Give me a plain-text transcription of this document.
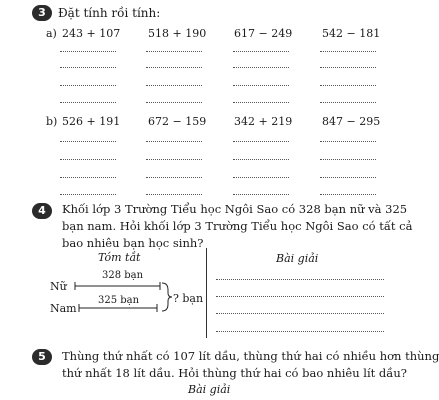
3	Đặt tính rồi tính:
a) 243 + 107	518 + 190	617 − 249	542 − 181
b) 526 + 191	672 − 159	342 + 219	847 − 295
4	Khối lớp 3 Trường Tiểu học Ngôi Sao có 328 bạn nữ và 325
bạn nam. Hỏi khối lớp 3 Trường Tiểu học Ngôi Sao có tất cả
bao nhiêu bạn học sinh?
Tóm tắt	Bài giải
Nữ
Nam
328 bạn
325 bạn	? bạn
5	Thùng thứ nhất có 107 lít dầu, thùng thứ hai có nhiều hơn thùng
thứ nhất 18 lít dầu. Hỏi thùng thứ hai có bao nhiêu lít dầu?
Bài giải
